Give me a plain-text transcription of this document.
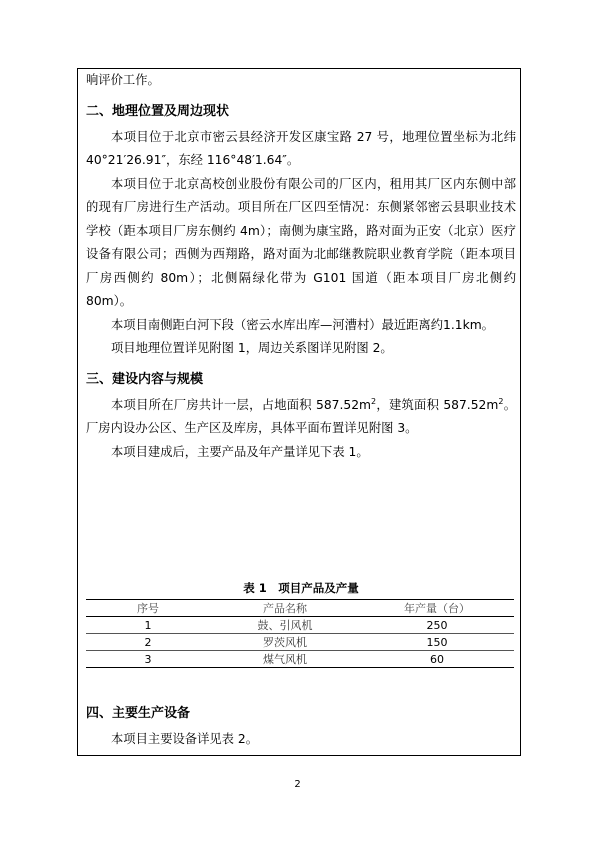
响评价工作。

二、地理位置及周边现状

本项目位于北京市密云县经济开发区康宝路 27 号，地理位置坐标为北纬 40°21′26.91″，东经 116°48′1.64″。

本项目位于北京高校创业股份有限公司的厂区内，租用其厂区内东侧中部的现有厂房进行生产活动。项目所在厂区四至情况：东侧紧邻密云县职业技术学校（距本项目厂房东侧约 4m）；南侧为康宝路，路对面为正安（北京）医疗设备有限公司；西侧为西翔路，路对面为北邮继教院职业教育学院（距本项目厂房西侧约 80m）；北侧隔绿化带为 G101 国道（距本项目厂房北侧约 80m）。

本项目南侧距白河下段（密云水库出库—河漕村）最近距离约1.1km。

项目地理位置详见附图 1，周边关系图详见附图 2。

三、建设内容与规模

本项目所在厂房共计一层，占地面积 $587.52m^2$，建筑面积 $587.52m^2$。厂房内设办公区、生产区及库房，具体平面布置详见附图 3。

本项目建成后，主要产品及年产量详见下表 1。

表 1　项目产品及产量
序号	产品名称	年产量（台）
1	鼓、引风机	250
2	罗茨风机	150
3	煤气风机	60
四、主要生产设备

本项目主要设备详见表 2。

2
